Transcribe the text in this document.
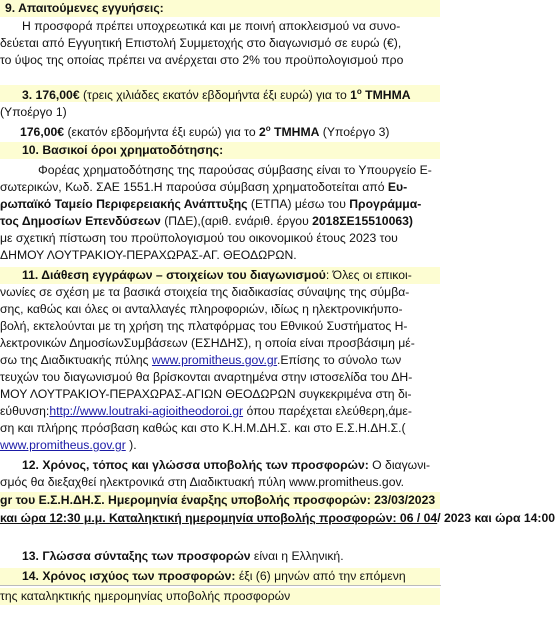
9. Απαιτούμενες εγγυήσεις:
Η προσφορά πρέπει υποχρεωτικά και με ποινή αποκλεισμού να συνο-
δεύεται από Εγγυητική Επιστολή Συμμετοχής στο διαγωνισμό σε ευρώ (€),
το ύψος της οποίας πρέπει να ανέρχεται στο 2% του προϋπολογισμού προ
3. 176,00€ (τρεις χιλιάδες εκατόν εβδομήντα έξι ευρώ) για το $1^o$ ΤΜΗΜΑ
(Υποέργο 1)
176,00€ (εκατόν εβδομήντα έξι ευρώ) για το $2^o$ ΤΜΗΜΑ (Υποέργο 3)
10. Βασικοί όροι χρηματοδότησης:
Φορέας χρηματοδότησης της παρούσας σύμβασης είναι το Υπουργείο Ε-
σωτερικών, Κωδ. ΣΑΕ 1551.Η παρούσα σύμβαση χρηματοδοτείται από Ευ-
ρωπαϊκό Ταμείο Περιφερειακής Ανάπτυξης (ΕΤΠΑ) μέσω του Προγράμμα-
τος Δημοσίων Επενδύσεων (ΠΔΕ),(αριθ. ενάριθ. έργου 2018ΣΕ15510063)
με σχετική πίστωση του προϋπολογισμού του οικονομικού έτους 2023 του
ΔΗΜΟΥ ΛΟΥΤΡΑΚΙΟΥ-ΠΕΡΑΧΩΡΑΣ-ΑΓ. ΘΕΟΔΩΡΩΝ.
11. Διάθεση εγγράφων – στοιχείων του διαγωνισμού: Όλες οι επικοι-
νωνίες σε σχέση με τα βασικά στοιχεία της διαδικασίας σύναψης της σύμβα-
σης, καθώς και όλες οι ανταλλαγές πληροφοριών, ιδίως η ηλεκτρονικήυπο-
βολή, εκτελούνται με τη χρήση της πλατφόρμας του Εθνικού Συστήματος Η-
λεκτρονικών ΔημοσίωνΣυμβάσεων (ΕΣΗΔΗΣ), η οποία είναι προσβάσιμη μέ-
σω της Διαδικτυακής πύλης www.promitheus.gov.gr.Επίσης το σύνολο των
τευχών του διαγωνισμού θα βρίσκονται αναρτημένα στην ιστοσελίδα του ΔΗ-
ΜΟΥ ΛΟΥΤΡΑΚΙΟΥ-ΠΕΡΑΧΩΡΑΣ-ΑΓΙΩΝ ΘΕΟΔΩΡΩΝ συγκεκριμένα στη δι-
εύθυνση:http://www.loutraki-agioitheodoroi.gr όπου παρέχεται ελεύθερη,άμε-
ση και πλήρης πρόσβαση καθώς και στο Κ.Η.Μ.ΔΗ.Σ. και στο Ε.Σ.Η.ΔΗ.Σ.(
www.promitheus.gov.gr ).
12. Χρόνος, τόπος και γλώσσα υποβολής των προσφορών: Ο διαγωνι-
σμός θα διεξαχθεί ηλεκτρονικά στη Διαδικτυακή πύλη www.promitheus.gov.
gr του Ε.Σ.Η.ΔΗ.Σ. Ημερομηνία έναρξης υποβολής προσφορών: 23/03/2023
και ώρα 12:30 μ.μ. Καταληκτική ημερομηνία υποβολής προσφορών: 06 / 04/ 2023 και ώρα 14:00
13. Γλώσσα σύνταξης των προσφορών είναι η Ελληνική.
14. Χρόνος ισχύος των προσφορών: έξι (6) μηνών από την επόμενη
της καταληκτικής ημερομηνίας υποβολής προσφορών
